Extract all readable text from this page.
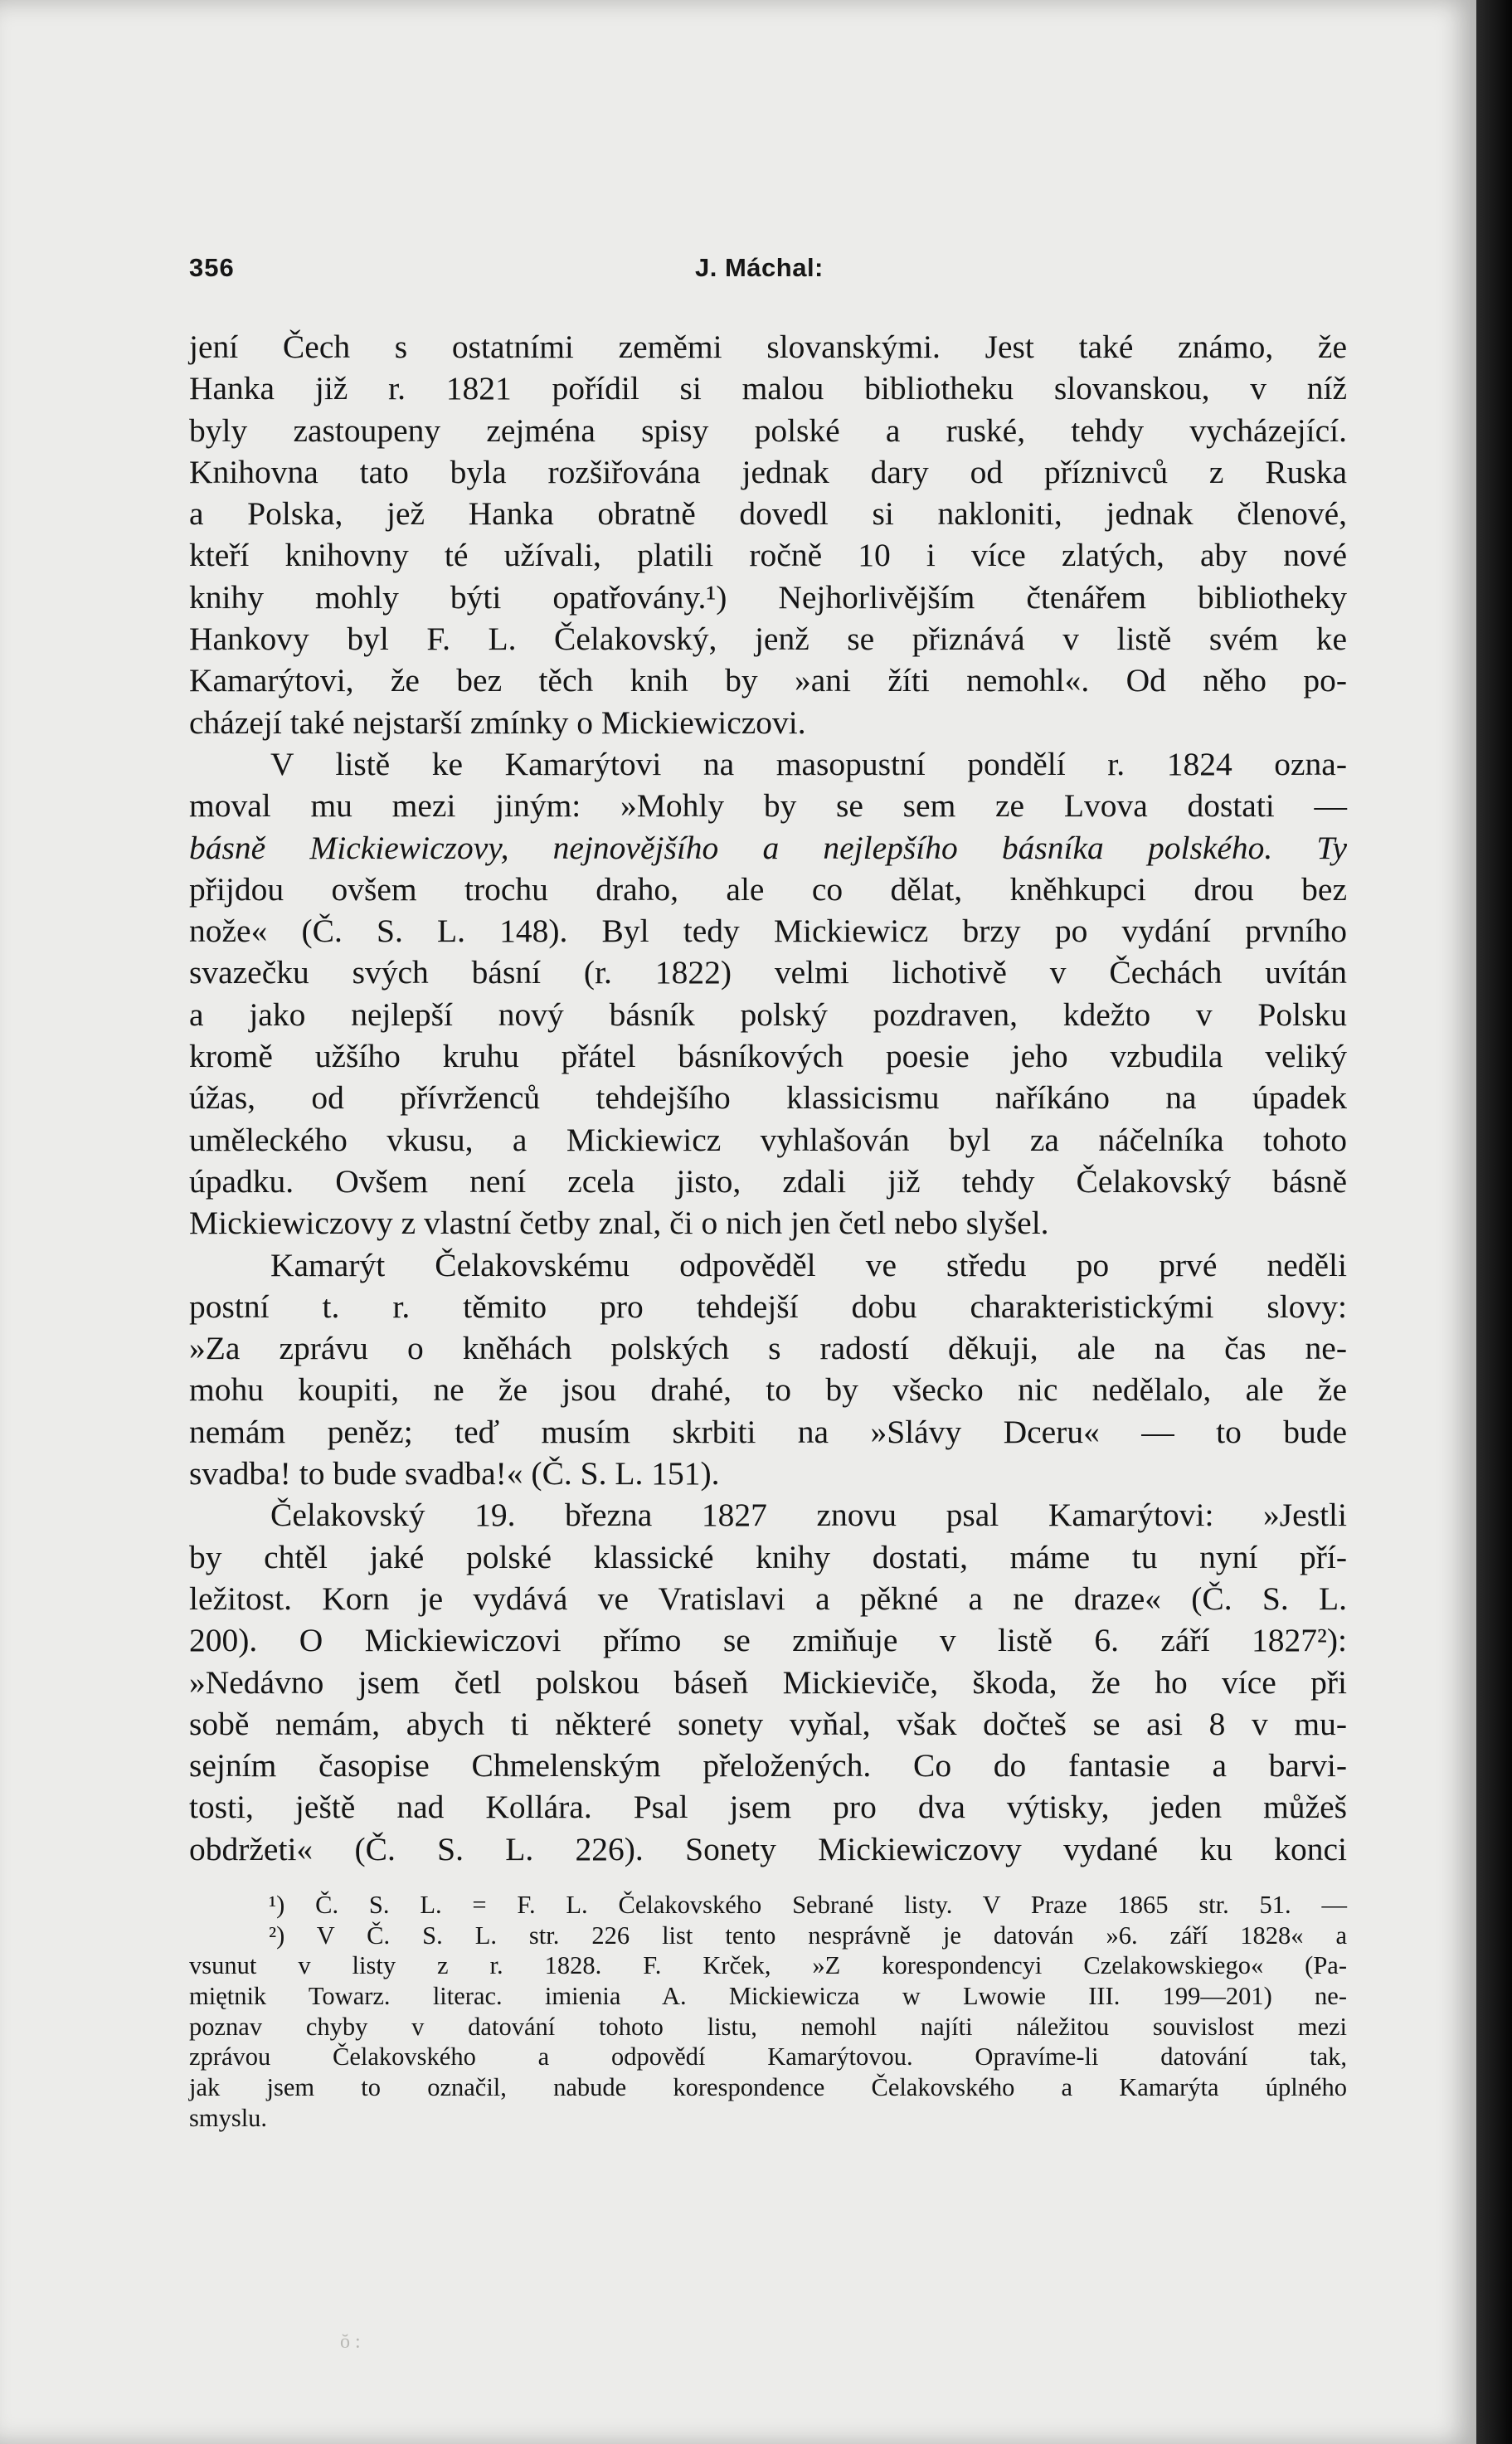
356	J. Máchal:
jení Čech s ostatními zeměmi slovanskými. Jest také známo, že
Hanka již r. 1821 pořídil si malou bibliotheku slovanskou, v níž
byly zastoupeny zejména spisy polské a ruské, tehdy vycházející.
Knihovna tato byla rozšiřována jednak dary od příznivců z Ruska
a Polska, jež Hanka obratně dovedl si nakloniti, jednak členové,
kteří knihovny té užívali, platili ročně 10 i více zlatých, aby nové
knihy mohly býti opatřovány.¹) Nejhorlivějším čtenářem bibliotheky
Hankovy byl F. L. Čelakovský, jenž se přiznává v listě svém ke
Kamarýtovi, že bez těch knih by »ani žíti nemohl«. Od něho po-
cházejí také nejstarší zmínky o Mickiewiczovi.
V listě ke Kamarýtovi na masopustní pondělí r. 1824 ozna-
moval mu mezi jiným: »Mohly by se sem ze Lvova dostati —
básně Mickiewiczovy, nejnovějšího a nejlepšího básníka polského. Ty
přijdou ovšem trochu draho, ale co dělat, kněhkupci drou bez
nože« (Č. S. L. 148). Byl tedy Mickiewicz brzy po vydání prvního
svazečku svých básní (r. 1822) velmi lichotivě v Čechách uvítán
a jako nejlepší nový básník polský pozdraven, kdežto v Polsku
kromě užšího kruhu přátel básníkových poesie jeho vzbudila veliký
úžas, od přívrženců tehdejšího klassicismu naříkáno na úpadek
uměleckého vkusu, a Mickiewicz vyhlašován byl za náčelníka tohoto
úpadku. Ovšem není zcela jisto, zdali již tehdy Čelakovský básně
Mickiewiczovy z vlastní četby znal, či o nich jen četl nebo slyšel.
Kamarýt Čelakovskému odpověděl ve středu po prvé neděli
postní t. r. těmito pro tehdejší dobu charakteristickými slovy:
»Za zprávu o kněhách polských s radostí děkuji, ale na čas ne-
mohu koupiti, ne že jsou drahé, to by všecko nic nedělalo, ale že
nemám peněz; teď musím skrbiti na »Slávy Dceru« — to bude
svadba! to bude svadba!« (Č. S. L. 151).
Čelakovský 19. března 1827 znovu psal Kamarýtovi: »Jestli
by chtěl jaké polské klassické knihy dostati, máme tu nyní pří-
ležitost. Korn je vydává ve Vratislavi a pěkné a ne draze« (Č. S. L.
200). O Mickiewiczovi přímo se zmiňuje v listě 6. září 1827²):
»Nedávno jsem četl polskou báseň Mickieviče, škoda, že ho více při
sobě nemám, abych ti některé sonety vyňal, však dočteš se asi 8 v mu-
sejním časopise Chmelenským přeložených. Co do fantasie a barvi-
tosti, ještě nad Kollára. Psal jsem pro dva výtisky, jeden můžeš
obdržeti« (Č. S. L. 226). Sonety Mickiewiczovy vydané ku konci
¹) Č. S. L. = F. L. Čelakovského Sebrané listy. V Praze 1865 str. 51. —
²) V Č. S. L. str. 226 list tento nesprávně je datován »6. září 1828« a
vsunut v listy z r. 1828. F. Krček, »Z korespondencyi Czelakowskiego« (Pa-
miętnik Towarz. literac. imienia A. Mickiewicza w Lwowie III. 199—201) ne-
poznav chyby v datování tohoto listu, nemohl najíti náležitou souvislost mezi
zprávou Čelakovského a odpovědí Kamarýtovou. Opravíme-li datování tak,
jak jsem to označil, nabude korespondence Čelakovského a Kamarýta úplného
smyslu.
ŏ :
